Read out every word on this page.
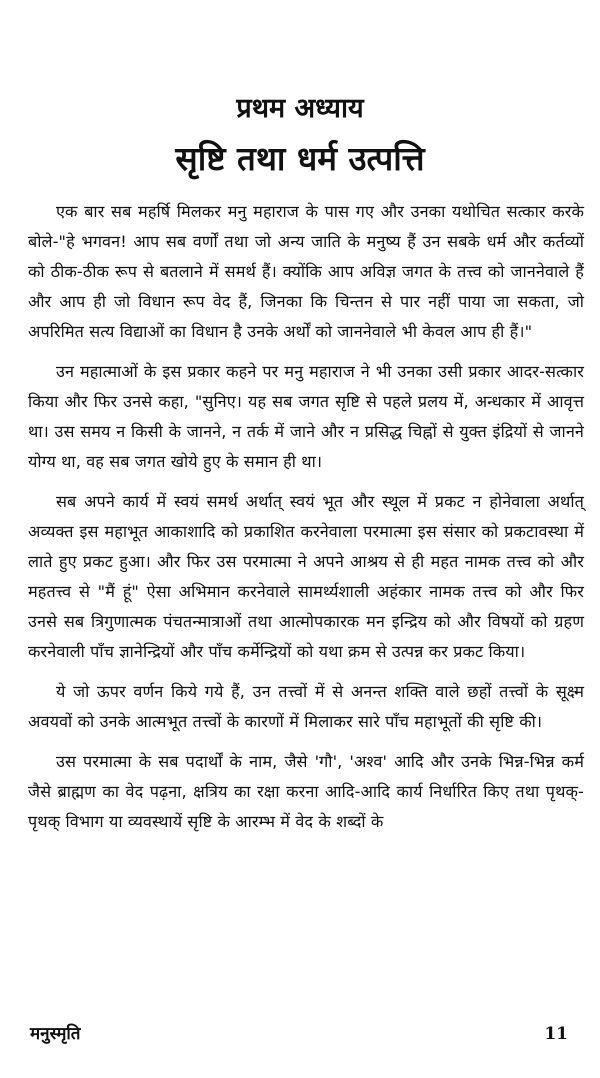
प्रथम अध्याय
सृष्टि तथा धर्म उत्पत्ति

एक बार सब महर्षि मिलकर मनु महाराज के पास गए और उनका यथोचित सत्कार करके बोले-"हे भगवन! आप सब वर्णों तथा जो अन्य जाति के मनुष्य हैं उन सबके धर्म और कर्तव्यों को ठीक-ठीक रूप से बतलाने में समर्थ हैं। क्योंकि आप अविज्ञ जगत के तत्त्व को जाननेवाले हैं और आप ही जो विधान रूप वेद हैं, जिनका कि चिन्तन से पार नहीं पाया जा सकता, जो अपरिमित सत्य विद्याओं का विधान है उनके अर्थों को जाननेवाले भी केवल आप ही हैं।"

उन महात्माओं के इस प्रकार कहने पर मनु महाराज ने भी उनका उसी प्रकार आदर-सत्कार किया और फिर उनसे कहा, "सुनिए। यह सब जगत सृष्टि से पहले प्रलय में, अन्धकार में आवृत्त था। उस समय न किसी के जानने, न तर्क में जाने और न प्रसिद्ध चिह्नों से युक्त इंद्रियों से जानने योग्य था, वह सब जगत खोये हुए के समान ही था।

सब अपने कार्य में स्वयं समर्थ अर्थात् स्वयं भूत और स्थूल में प्रकट न होनेवाला अर्थात् अव्यक्त इस महाभूत आकाशादि को प्रकाशित करनेवाला परमात्मा इस संसार को प्रकटावस्था में लाते हुए प्रकट हुआ। और फिर उस परमात्मा ने अपने आश्रय से ही महत नामक तत्त्व को और महतत्त्व से "मैं हूं" ऐसा अभिमान करनेवाले सामर्थ्यशाली अहंकार नामक तत्त्व को और फिर उनसे सब त्रिगुणात्मक पंचतन्मात्राओं तथा आत्मोपकारक मन इन्द्रिय को और विषयों को ग्रहण करनेवाली पाँच ज्ञानेन्द्रियों और पाँच कर्मेन्द्रियों को यथा क्रम से उत्पन्न कर प्रकट किया।

ये जो ऊपर वर्णन किये गये हैं, उन तत्त्वों में से अनन्त शक्ति वाले छहों तत्त्वों के सूक्ष्म अवयवों को उनके आत्मभूत तत्त्वों के कारणों में मिलाकर सारे पाँच महाभूतों की सृष्टि की।

उस परमात्मा के सब पदार्थों के नाम, जैसे 'गौ', 'अश्व' आदि और उनके भिन्न-भिन्न कर्म जैसे ब्राह्मण का वेद पढ़ना, क्षत्रिय का रक्षा करना आदि-आदि कार्य निर्धारित किए तथा पृथक्-पृथक् विभाग या व्यवस्थायें सृष्टि के आरम्भ में वेद के शब्दों के

मनुस्मृति	11
